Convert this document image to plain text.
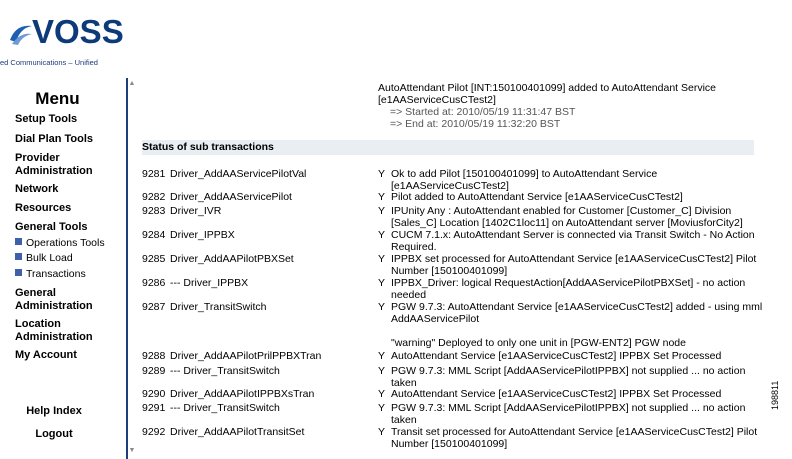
VOSS
ed Communications – Unified
Menu
Setup Tools
Dial Plan Tools
Provider
Administration
Network
Resources
General Tools
Operations Tools
Bulk Load
Transactions
General
Administration
Location
Administration
My Account
Help Index
Logout
▲
▼
AutoAttendant Pilot [INT:150100401099] added to AutoAttendant Service
[e1AAServiceCusCTest2]
=> Started at: 2010/05/19 11:31:47 BST
=> End at: 2010/05/19 11:32:20 BST
Status of sub transactions
9281 Driver_AddAAServicePilotVal	Y Ok to add Pilot [150100401099] to AutoAttendant Service
[e1AAServiceCusCTest2]
9282 Driver_AddAAServicePilot	Y Pilot added to AutoAttendant Service [e1AAServiceCusCTest2]
9283 Driver_IVR	Y IPUnity Any : AutoAttendant enabled for Customer [Customer_C] Division
[Sales_C] Location [1402C1loc11] on AutoAttendant server [MoviusforCity2]
9284 Driver_IPPBX	Y CUCM 7.1.x: AutoAttendant Server is connected via Transit Switch - No Action
Required.
9285 Driver_AddAAPilotPBXSet	Y IPPBX set processed for AutoAttendant Service [e1AAServiceCusCTest2] Pilot
Number [150100401099]
9286 --- Driver_IPPBX	Y IPPBX_Driver: logical RequestAction[AddAAServicePilotPBXSet] - no action
needed
9287 Driver_TransitSwitch	Y PGW 9.7.3: AutoAttendant Service [e1AAServiceCusCTest2] added - using mml
AddAAServicePilot
"warning" Deployed to only one unit in [PGW-ENT2] PGW node
9288 Driver_AddAAPilotPrilPPBXTran	Y AutoAttendant Service [e1AAServiceCusCTest2] IPPBX Set Processed
9289 --- Driver_TransitSwitch	Y PGW 9.7.3: MML Script [AddAAServicePilotIPPBX] not supplied ... no action
taken
9290 Driver_AddAAPilotIPPBXsTran	Y AutoAttendant Service [e1AAServiceCusCTest2] IPPBX Set Processed
9291 --- Driver_TransitSwitch	Y PGW 9.7.3: MML Script [AddAAServicePilotIPPBX] not supplied ... no action
taken
9292 Driver_AddAAPilotTransitSet	Y Transit set processed for AutoAttendant Service [e1AAServiceCusCTest2] Pilot
Number [150100401099]
198811
